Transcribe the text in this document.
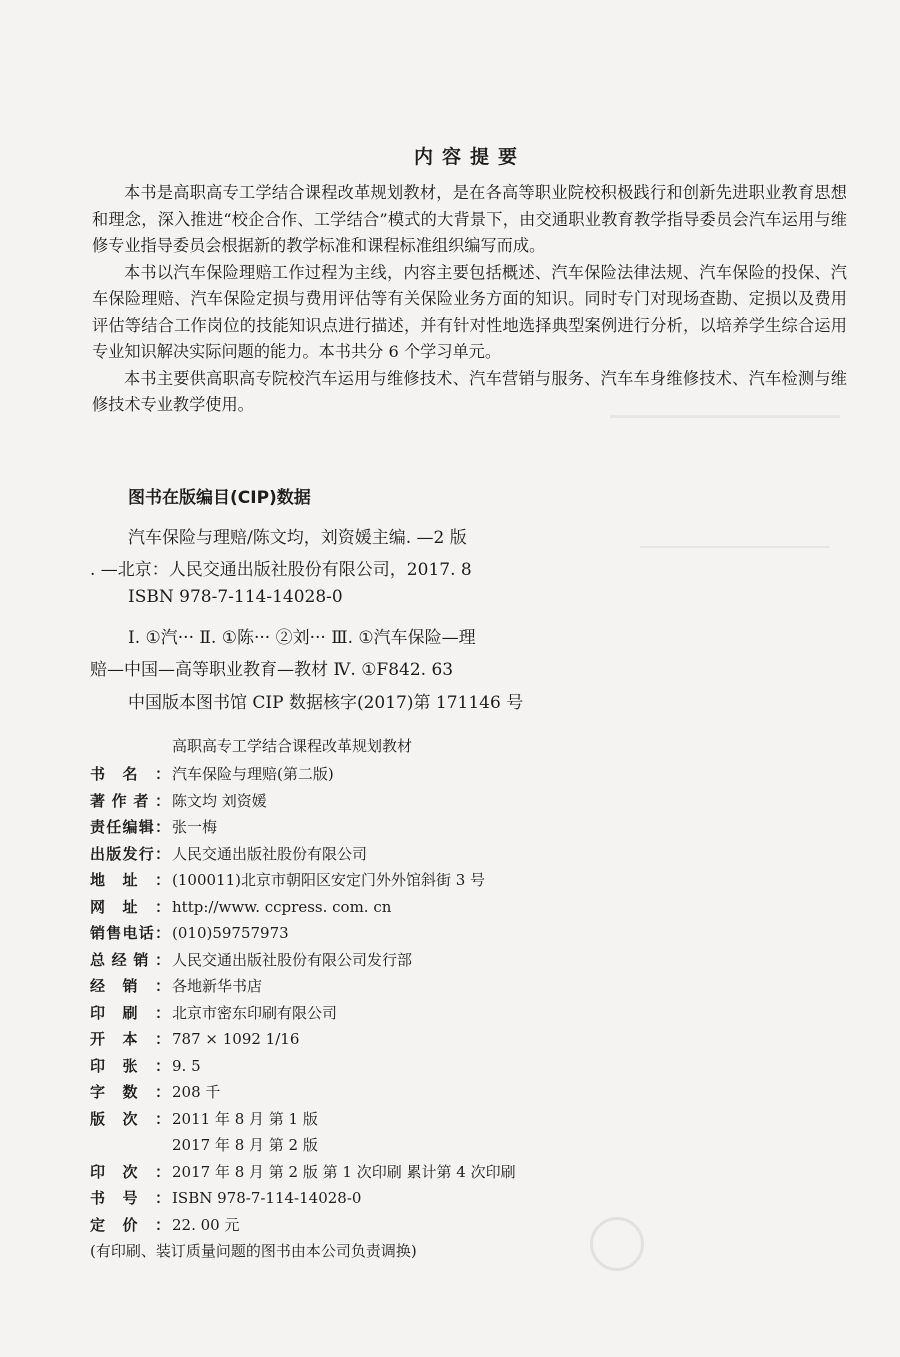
内容提要

本书是高职高专工学结合课程改革规划教材，是在各高等职业院校积极践行和创新先进职业教育思想和理念，深入推进“校企合作、工学结合”模式的大背景下，由交通职业教育教学指导委员会汽车运用与维修专业指导委员会根据新的教学标准和课程标准组织编写而成。

本书以汽车保险理赔工作过程为主线，内容主要包括概述、汽车保险法律法规、汽车保险的投保、汽车保险理赔、汽车保险定损与费用评估等有关保险业务方面的知识。同时专门对现场查勘、定损以及费用评估等结合工作岗位的技能知识点进行描述，并有针对性地选择典型案例进行分析，以培养学生综合运用专业知识解决实际问题的能力。本书共分 6 个学习单元。

本书主要供高职高专院校汽车运用与维修技术、汽车营销与服务、汽车车身维修技术、汽车检测与维修技术专业教学使用。

图书在版编目(CIP)数据
汽车保险与理赔/陈文均，刘资媛主编. —2 版
. —北京：人民交通出版社股份有限公司，2017. 8
ISBN 978-7-114-14028-0
Ⅰ. ①汽··· Ⅱ. ①陈··· ②刘··· Ⅲ. ①汽车保险—理
赔—中国—高等职业教育—教材 Ⅳ. ①F842. 63
中国版本图书馆 CIP 数据核字(2017)第 171146 号
高职高专工学结合课程改革规划教材
书名： 汽车保险与理赔(第二版)
著作者： 陈文均 刘资媛
责任编辑： 张一梅
出版发行： 人民交通出版社股份有限公司
地址： (100011)北京市朝阳区安定门外外馆斜街 3 号
网址： http://www. ccpress. com. cn
销售电话： (010)59757973
总经销： 人民交通出版社股份有限公司发行部
经销： 各地新华书店
印刷： 北京市密东印刷有限公司
开本： 787 × 1092 1/16
印张： 9. 5
字数： 208 千
版次： 2011 年 8 月 第 1 版
2017 年 8 月 第 2 版
印次： 2017 年 8 月 第 2 版 第 1 次印刷 累计第 4 次印刷
书号： ISBN 978-7-114-14028-0
定价： 22. 00 元
(有印刷、装订质量问题的图书由本公司负责调换)
